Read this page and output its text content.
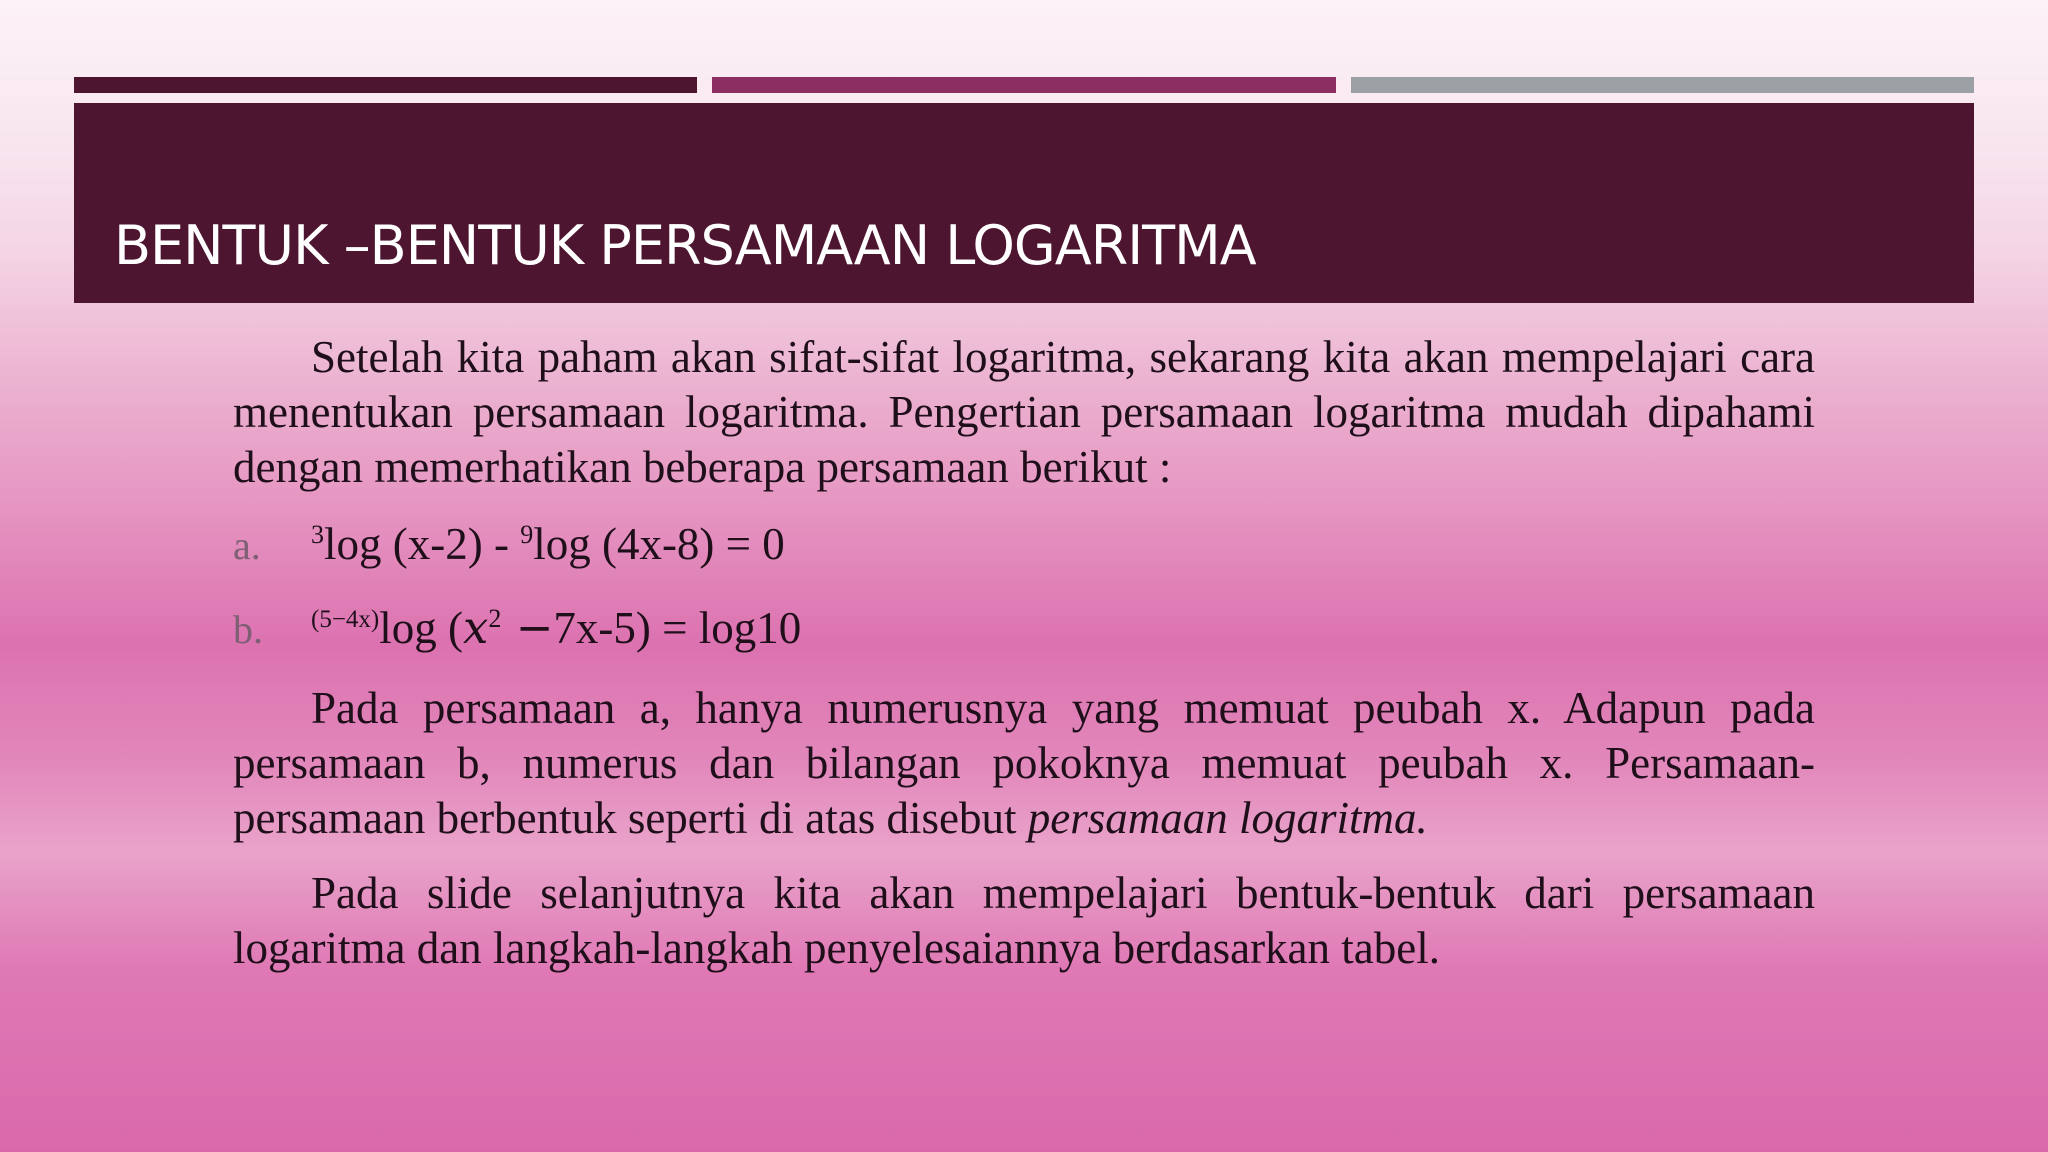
BENTUK –BENTUK PERSAMAAN LOGARITMA

Setelah kita paham akan sifat-sifat logaritma, sekarang kita akan mempelajari cara menentukan persamaan logaritma. Pengertian persamaan logaritma mudah dipahami dengan memerhatikan beberapa persamaan berikut :

a.	$^3$log (x-2) - $^9$log (4x-8) = 0
b.	$^{(5-4x)}$log $(x^2 -7x-5) = \log 10$

Pada persamaan a, hanya numerusnya yang memuat peubah x. Adapun pada persamaan b, numerus dan bilangan pokoknya memuat peubah x. Persamaan-persamaan berbentuk seperti di atas disebut persamaan logaritma.

Pada slide selanjutnya kita akan mempelajari bentuk-bentuk dari persamaan logaritma dan langkah-langkah penyelesaiannya berdasarkan tabel.
